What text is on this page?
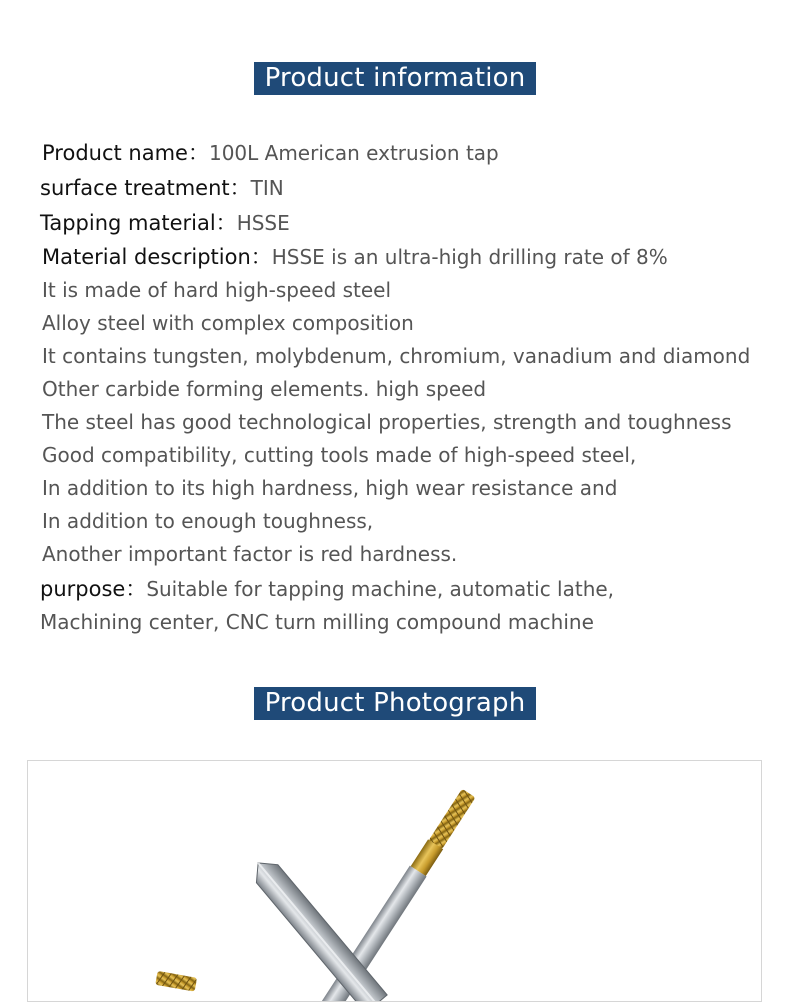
Product information
Product name：100L American extrusion tap
surface treatment：TIN
Tapping material：HSSE
Material description：HSSE is an ultra-high drilling rate of 8%
It is made of hard high-speed steel
Alloy steel with complex composition
It contains tungsten, molybdenum, chromium, vanadium and diamond
Other carbide forming elements. high speed
The steel has good technological properties, strength and toughness
Good compatibility, cutting tools made of high-speed steel,
In addition to its high hardness, high wear resistance and
In addition to enough toughness,
Another important factor is red hardness.
purpose：Suitable for tapping machine, automatic lathe,
Machining center, CNC turn milling compound machine
Product Photograph
